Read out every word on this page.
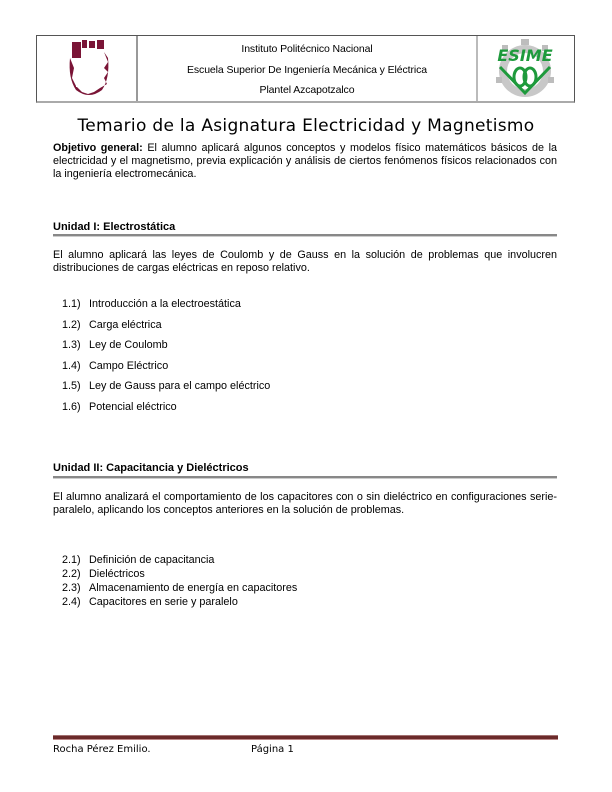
Instituto Politécnico Nacional
Escuela Superior De Ingeniería Mecánica y Eléctrica
Plantel Azcapotzalco
ESIME
Temario de la Asignatura Electricidad y Magnetismo
Objetivo general: El alumno aplicará algunos conceptos y modelos físico matemáticos básicos de la electricidad y el magnetismo, previa explicación y análisis de ciertos fenómenos físicos relacionados con la ingeniería electromecánica.
Unidad I: Electrostática
El alumno aplicará las leyes de Coulomb y de Gauss en la solución de problemas que involucren distribuciones de cargas eléctricas en reposo relativo.
1.1) Introducción a la electroestática
1.2) Carga eléctrica
1.3) Ley de Coulomb
1.4) Campo Eléctrico
1.5) Ley de Gauss para el campo eléctrico
1.6) Potencial eléctrico
Unidad II: Capacitancia y Dieléctricos
El alumno analizará el comportamiento de los capacitores con o sin dieléctrico en configuraciones serie-paralelo, aplicando los conceptos anteriores en la solución de problemas.
2.1) Definición de capacitancia
2.2) Dieléctricos
2.3) Almacenamiento de energía en capacitores
2.4) Capacitores en serie y paralelo
Rocha Pérez Emilio.	Página 1
